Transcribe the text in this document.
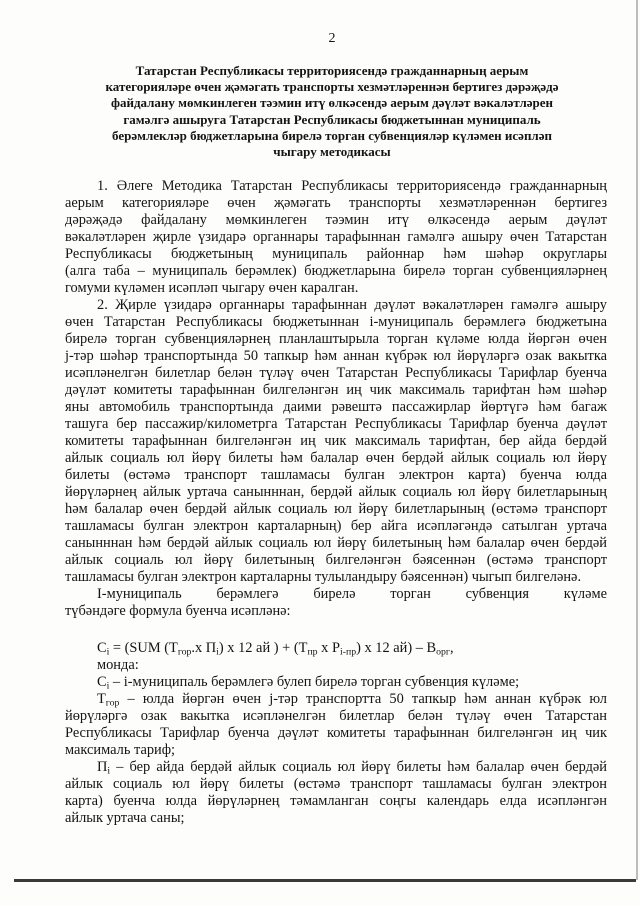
2
Татарстан Республикасы территориясендә гражданнарның аерым
категорияләре өчен җәмәгать транспорты хезмәтләреннән бертигез дәрәҗәдә
файдалану мөмкинлеген тәэмин итү өлкәсендә аерым дәүләт вәкаләтләрен
гамәлгә ашыруга Татарстан Республикасы бюджетыннан муниципаль
берәмлекләр бюджетларына бирелә торган субвенцияләр күләмен исәпләп
чыгару методикасы
1. Әлеге Методика Татарстан Республикасы территориясендә гражданнарның
аерым категорияләре өчен җәмәгать транспорты хезмәтләреннән бертигез
дәрәҗәдә файдалану мөмкинлеген тәэмин итү өлкәсендә аерым дәүләт
вәкаләтләрен җирле үзидарә органнары тарафыннан гамәлгә ашыру өчен Татарстан
Республикасы бюджетының муниципаль районнар һәм шәһәр округлары
(алга таба – муниципаль берәмлек) бюджетларына бирелә торган субвенцияләрнең
гомуми күләмен исәпләп чыгару өчен каралган.
2. Җирле үзидарә органнары тарафыннан дәүләт вәкаләтләрен гамәлгә ашыру
өчен Татарстан Республикасы бюджетыннан i-муниципаль берәмлегә бюджетына
бирелә торган субвенцияләрнең планлаштырыла торган күләме юлда йөргән өчен
j-тәр шәһәр транспортында 50 тапкыр һәм аннан күбрәк юл йөрүләргә озак вакытка
исәпләнелгән билетлар белән түләү өчен Татарстан Республикасы Тарифлар буенча
дәүләт комитеты тарафыннан билгеләнгән иң чик максималь тарифтан һәм шәһәр
яны автомобиль транспортында даими рәвештә пассажирлар йөртүгә һәм багаж
ташуга бер пассажир/километрга Татарстан Республикасы Тарифлар буенча дәүләт
комитеты тарафыннан билгеләнгән иң чик максималь тарифтан, бер айда бердәй
айлык социаль юл йөрү билеты һәм балалар өчен бердәй айлык социаль юл йөрү
билеты (өстәмә транспорт ташламасы булган электрон карта) буенча юлда
йөрүләрнең айлык уртача санынннан, бердәй айлык социаль юл йөрү билетларының
һәм балалар өчен бердәй айлык социаль юл йөрү билетларының (өстәмә транспорт
ташламасы булган электрон карталарның) бер айга исәпләгәндә сатылган уртача
санынннан һәм бердәй айлык социаль юл йөрү билетының һәм балалар өчен бердәй
айлык социаль юл йөрү билетының билгеләнгән бәясеннән (өстәмә транспорт
ташламасы булган электрон карталарны тулыландыру бәясеннән) чыгып билгеләнә.
I-муниципаль берәмлегә бирелә торган субвенция күләме
түбәндәге формула буенча исәпләнә:
$C_i = (SUM$ ($T_{гор}.x$ $П_i$) x 12 ай ) + ($T_{пр}$ x $P_{i-пр}$) x 12 $ай) - B_{орг}$,
монда:
$C_i$ – i-муниципаль берәмлегә булеп бирелә торган субвенция күләме;
$T_{гор}$ – юлда йөргән өчен j-тәр транспортта 50 тапкыр һәм аннан күбрәк юл
йөрүләргә озак вакытка исәпләнелгән билетлар белән түләү өчен Татарстан
Республикасы Тарифлар буенча дәүләт комитеты тарафыннан билгеләнгән иң чик
максималь тариф;
$П_i$ – бер айда бердәй айлык социаль юл йөрү билеты һәм балалар өчен бердәй
айлык социаль юл йөрү билеты (өстәмә транспорт ташламасы булган электрон
карта) буенча юлда йөрүләрнең тәмамланган соңгы календарь елда исәпләнгән
айлык уртача саны;
